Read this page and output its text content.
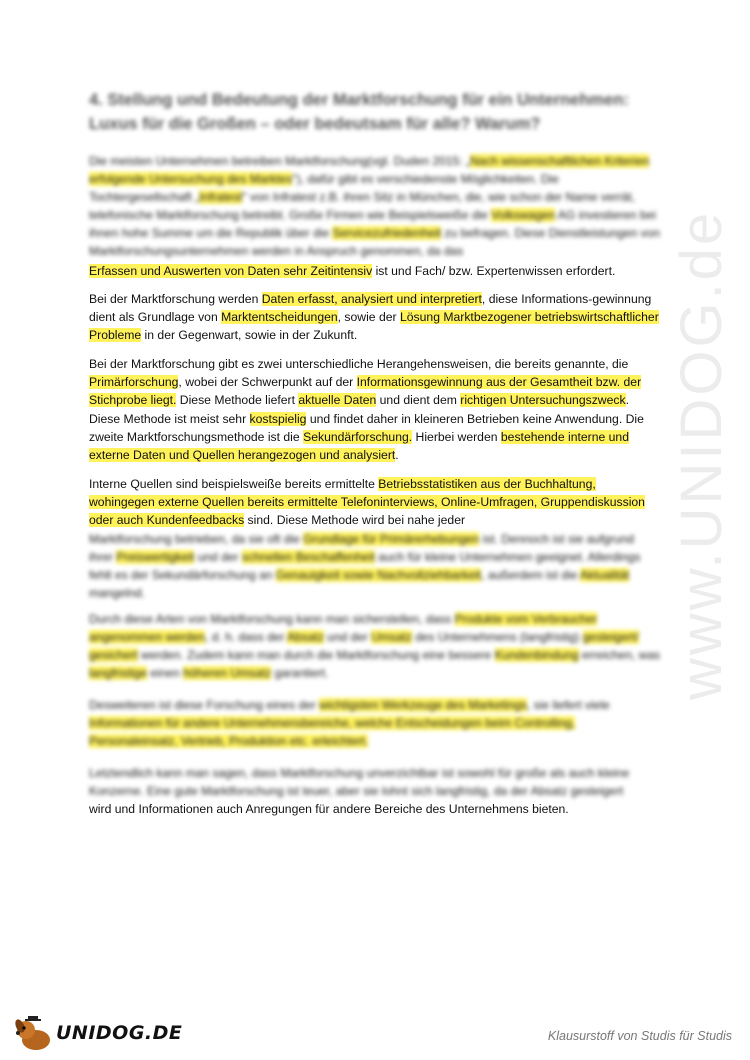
www.UNIDOG.de
4. Stellung und Bedeutung der Marktforschung für ein Unternehmen: Luxus für die Großen – oder bedeutsam für alle? Warum?

Die meisten Unternehmen betreiben Marktforschung(vgl. Duden 2015: „Nach wissenschaftlichen Kriterien erfolgende Untersuchung des Marktes"), dafür gibt es verschiedenste Möglichkeiten. Die Tochtergesellschaft „Infratest" von Infratest z.B. ihren Sitz in München, die, wie schon der Name verrät, telefonische Marktforschung betreibt. Große Firmen wie Beispielsweiße die Volkswagen AG investieren bei ihnen hohe Summe um die Republik über die Servicezufriedenheit zu befragen. Diese Dienstleistungen von Marktforschungsunternehmen werden in Anspruch genommen, da das

Erfassen und Auswerten von Daten sehr Zeitintensiv ist und Fach/ bzw. Expertenwissen erfordert.

Bei der Marktforschung werden Daten erfasst, analysiert und interpretiert, diese Informations-gewinnung dient als Grundlage von Marktentscheidungen, sowie der Lösung Marktbezogener betriebswirtschaftlicher Probleme in der Gegenwart, sowie in der Zukunft.
Bei der Marktforschung gibt es zwei unterschiedliche Herangehensweisen, die bereits genannte, die Primärforschung, wobei der Schwerpunkt auf der Informationsgewinnung aus der Gesamtheit bzw. der Stichprobe liegt. Diese Methode liefert aktuelle Daten und dient dem richtigen Untersuchungszweck. Diese Methode ist meist sehr kostspielig und findet daher in kleineren Betrieben keine Anwendung. Die zweite Marktforschungsmethode ist die Sekundärforschung. Hierbei werden bestehende interne und externe Daten und Quellen herangezogen und analysiert.

Interne Quellen sind beispielsweiße bereits ermittelte Betriebsstatistiken aus der Buchhaltung, wohingegen externe Quellen bereits ermittelte Telefoninterviews, Online-Umfragen, Gruppendiskussion oder auch Kundenfeedbacks sind. Diese Methode wird bei nahe jeder

Marktforschung betrieben, da sie oft die Grundlage für Primärerhebungen ist. Dennoch ist sie aufgrund ihrer Preiswertigkeit und der schnellen Beschaffenheit auch für kleine Unternehmen geeignet. Allerdings fehlt es der Sekundärforschung an Genauigkeit sowie Nachvollziehbarkeit, außerdem ist die Aktualität mangelnd.

Durch diese Arten von Marktforschung kann man sicherstellen, dass Produkte vom Verbraucher angenommen werden, d. h. dass der Absatz und der Umsatz des Unternehmens (langfristig) gesteigert/ gesichert werden. Zudem kann man durch die Marktforschung eine bessere Kundenbindung erreichen, was langfristige einen höheren Umsatz garantiert.
Desweiteren ist diese Forschung eines der wichtigsten Werkzeuge des Marketings, sie liefert viele Informationen für andere Unternehmensbereiche, welche Entscheidungen beim Controlling, Personaleinsatz, Vertrieb, Produktion etc. erleichtert.

Letztendlich kann man sagen, dass Marktforschung unverzichtbar ist sowohl für große als auch kleine Konzerne. Eine gute Marktforschung ist teuer, aber sie lohnt sich langfristig, da der Absatz gesteigert

wird und Informationen auch Anregungen für andere Bereiche des Unternehmens bieten.

UNIDOG.DE	Klausurstoff von Studis für Studis
